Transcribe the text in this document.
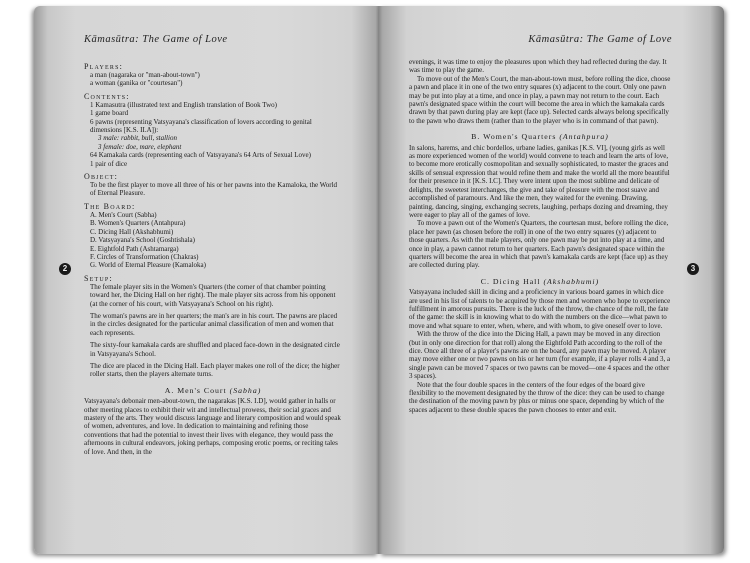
Kāmasūtra: The Game of Love
2
Players:
a man (nagaraka or "man-about-town")
a woman (ganika or "courtesan")
Contents:
1 Kamasutra (illustrated text and English translation of Book Two)
1 game board
6 pawns (representing Vatsyayana's classification of lovers according to genital dimensions [K.S. II.A]):
3 male: rabbit, bull, stallion
3 female: doe, mare, elephant
64 Kamakala cards (representing each of Vatsyayana's 64 Arts of Sexual Love)
1 pair of dice
Object:
To be the first player to move all three of his or her pawns into the Kamaloka, the World of Eternal Pleasure.
The Board:
A. Men's Court (Sabha)
B. Women's Quarters (Antahpura)
C. Dicing Hall (Akshabhumi)
D. Vatsyayana's School (Goshtishala)
E. Eightfold Path (Ashtamarga)
F. Circles of Transformation (Chakras)
G. World of Eternal Pleasure (Kamaloka)
Setup:

The female player sits in the Women's Quarters (the corner of that chamber pointing toward her, the Dicing Hall on her right). The male player sits across from his opponent (at the corner of his court, with Vatsyayana's School on his right).

The woman's pawns are in her quarters; the man's are in his court. The pawns are placed in the circles designated for the particular animal classification of men and women that each represents.

The sixty-four kamakala cards are shuffled and placed face-down in the designated circle in Vatsyayana's School.

The dice are placed in the Dicing Hall. Each player makes one roll of the dice; the higher roller starts, then the players alternate turns.

A. Men's Court (Sabha)

Vatsyayana's debonair men-about-town, the nagarakas [K.S. I.D], would gather in halls or other meeting places to exhibit their wit and intellectual prowess, their social graces and mastery of the arts. They would discuss language and literary composition and would speak of women, adventures, and love. In dedication to maintaining and refining those conventions that had the potential to invest their lives with elegance, they would pass the afternoons in cultural endeavors, joking perhaps, composing erotic poems, or reciting tales of love. And then, in the

Kāmasūtra: The Game of Love
3

evenings, it was time to enjoy the pleasures upon which they had reflected during the day. It was time to play the game.

To move out of the Men's Court, the man-about-town must, before rolling the dice, choose a pawn and place it in one of the two entry squares (x) adjacent to the court. Only one pawn may be put into play at a time, and once in play, a pawn may not return to the court. Each pawn's designated space within the court will become the area in which the kamakala cards drawn by that pawn during play are kept (face up). Selected cards always belong specifically to the pawn who draws them (rather than to the player who is in command of that pawn).

B. Women's Quarters (Antahpura)

In salons, harems, and chic bordellos, urbane ladies, ganikas [K.S. VI], (young girls as well as more experienced women of the world) would convene to teach and learn the arts of love, to become more erotically cosmopolitan and sexually sophisticated, to master the graces and skills of sensual expression that would refine them and make the world all the more beautiful for their presence in it [K.S. I.C]. They were intent upon the most sublime and delicate of delights, the sweetest interchanges, the give and take of pleasure with the most suave and accomplished of paramours. And like the men, they waited for the evening. Drawing, painting, dancing, singing, exchanging secrets, laughing, perhaps dozing and dreaming, they were eager to play all of the games of love.

To move a pawn out of the Women's Quarters, the courtesan must, before rolling the dice, place her pawn (as chosen before the roll) in one of the two entry squares (y) adjacent to those quarters. As with the male players, only one pawn may be put into play at a time, and once in play, a pawn cannot return to her quarters. Each pawn's designated space within the quarters will become the area in which that pawn's kamakala cards are kept (face up) as they are collected during play.

C. Dicing Hall (Akshabhumi)

Vatsyayana included skill in dicing and a proficiency in various board games in which dice are used in his list of talents to be acquired by those men and women who hope to experience fulfillment in amorous pursuits. There is the luck of the throw, the chance of the roll, the fate of the game: the skill is in knowing what to do with the numbers on the dice—what pawn to move and what square to enter, when, where, and with whom, to give oneself over to love.

With the throw of the dice into the Dicing Hall, a pawn may be moved in any direction (but in only one direction for that roll) along the Eightfold Path according to the roll of the dice. Once all three of a player's pawns are on the board, any pawn may be moved. A player may move either one or two pawns on his or her turn (for example, if a player rolls 4 and 3, a single pawn can be moved 7 spaces or two pawns can be moved—one 4 spaces and the other 3 spaces).

Note that the four double spaces in the centers of the four edges of the board give flexibility to the movement designated by the throw of the dice: they can be used to change the destination of the moving pawn by plus or minus one space, depending by which of the spaces adjacent to these double spaces the pawn chooses to enter and exit.
